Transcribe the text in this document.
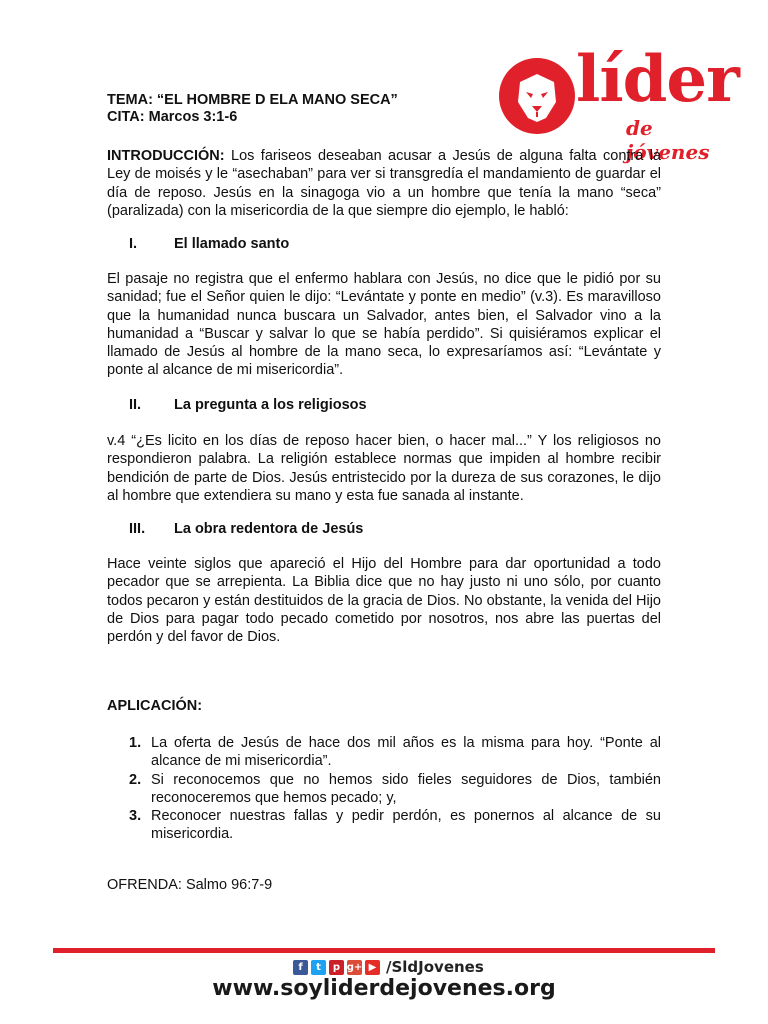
líder
de jóvenes
TEMA: “EL HOMBRE D ELA MANO SECA”
CITA: Marcos 3:1-6

INTRODUCCIÓN: Los fariseos deseaban acusar a Jesús de alguna falta contra la Ley de moisés y le “asechaban” para ver si transgredía el mandamiento de guardar el día de reposo. Jesús en la sinagoga vio a un hombre que tenía la mano “seca” (paralizada) con la misericordia de la que siempre dio ejemplo, le habló:

I.	El llamado santo

El pasaje no registra que el enfermo hablara con Jesús, no dice que le pidió por su sanidad; fue el Señor quien le dijo: “Levántate y ponte en medio” (v.3). Es maravilloso que la humanidad nunca buscara un Salvador, antes bien, el Salvador vino a la humanidad a “Buscar y salvar lo que se había perdido”. Si quisiéramos explicar el llamado de Jesús al hombre de la mano seca, lo expresaríamos así: “Levántate y ponte al alcance de mi misericordia”.

II. La pregunta a los religiosos

v.4 “¿Es licito en los días de reposo hacer bien, o hacer mal...” Y los religiosos no respondieron palabra. La religión establece normas que impiden al hombre recibir bendición de parte de Dios. Jesús entristecido por la dureza de sus corazones, le dijo al hombre que extendiera su mano y esta fue sanada al instante.

III. La obra redentora de Jesús

Hace veinte siglos que apareció el Hijo del Hombre para dar oportunidad a todo pecador que se arrepienta. La Biblia dice que no hay justo ni uno sólo, por cuanto todos pecaron y están destituidos de la gracia de Dios. No obstante, la venida del Hijo de Dios para pagar todo pecado cometido por nosotros, nos abre las puertas del perdón y del favor de Dios.

APLICACIÓN:
1. La oferta de Jesús de hace dos mil años es la misma para hoy. “Ponte al alcance de mi misericordia”.
2. Si reconocemos que no hemos sido fieles seguidores de Dios, también reconoceremos que hemos pecado; y,
3. Reconocer nuestras fallas y pedir perdón, es ponernos al alcance de su misericordia.
OFRENDA: Salmo 96:7-9
f	t	p g+ ▶ /SldJovenes
www.soyliderdejovenes.org
